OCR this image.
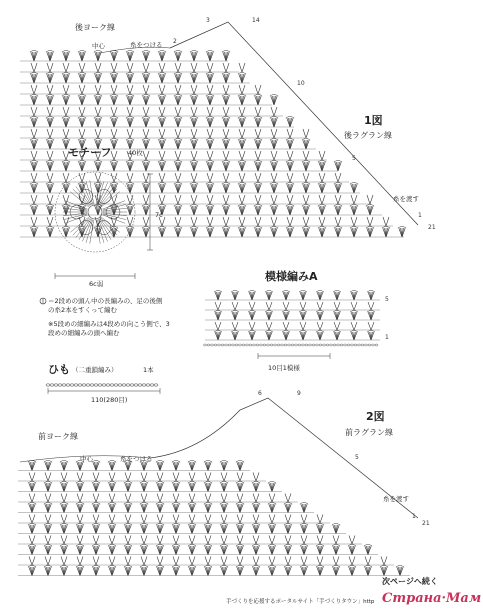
後ヨーク線
中心	糸をつける
3
2
14
10
5
糸を渡す
1
21
1図
後ラグラン線
モチーフ	40枚
7c
6c弱
＝2段めの頭ん中の長編みの、足の後側の糸2本をすくって編む
※5段めの細編みは4段めの向こう側で、3段めの細編みの頭へ編む
ひも （二重鎖編み）	1本
110(280目)
模様編みA
5
1
10目1模様
6	9
2図
前ラグラン線
前ヨーク線
中心	糸をつける	5
糸を渡す
1
21
次ページへ続く
手づくりを応援するポータルサイト「手づくりタウン」http Страна·Мам
